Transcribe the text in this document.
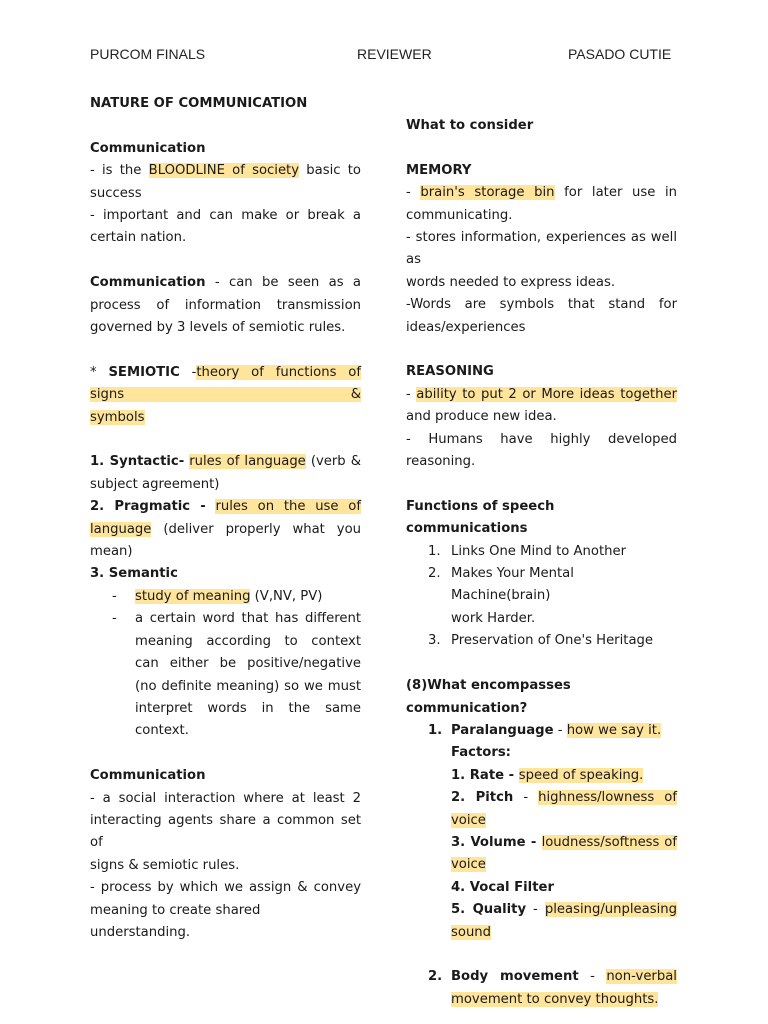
PURCOM FINALS	REVIEWER	PASADO CUTIE
NATURE OF COMMUNICATION
Communication
- is the BLOODLINE of society basic to
success
- important and can make or break a
certain nation.
Communication - can be seen as a
process of information transmission
governed by 3 levels of semiotic rules.
* SEMIOTIC -theory of functions of signs &
symbols
1. Syntactic- rules of language (verb &
subject agreement)
2. Pragmatic - rules on the use of
language (deliver properly what you
mean)
3. Semantic
- study of meaning (V,NV, PV)
- a certain word that has different
meaning according to context
can either be positive/negative
(no definite meaning) so we must
interpret words in the same
context.
Communication
- a social interaction where at least 2
interacting agents share a common set of
signs & semiotic rules.
- process by which we assign & convey
meaning to create shared understanding.
What to consider
MEMORY
- brain's storage bin for later use in
communicating.
- stores information, experiences as well as
words needed to express ideas.
-Words are symbols that stand for
ideas/experiences
REASONING
- ability to put 2 or More ideas together
and produce new idea.
- Humans have highly developed
reasoning.
Functions of speech communications
1. Links One Mind to Another
2. Makes Your Mental Machine(brain)
work Harder.
3. Preservation of One's Heritage
(8)What encompasses communication?
1. Paralanguage - how we say it.
Factors:
1. Rate - speed of speaking.
2. Pitch - highness/lowness of voice
3. Volume - loudness/softness of
voice
4. Vocal Filter
5. Quality - pleasing/unpleasing
sound
2. Body movement - non-verbal
movement to convey thoughts.
